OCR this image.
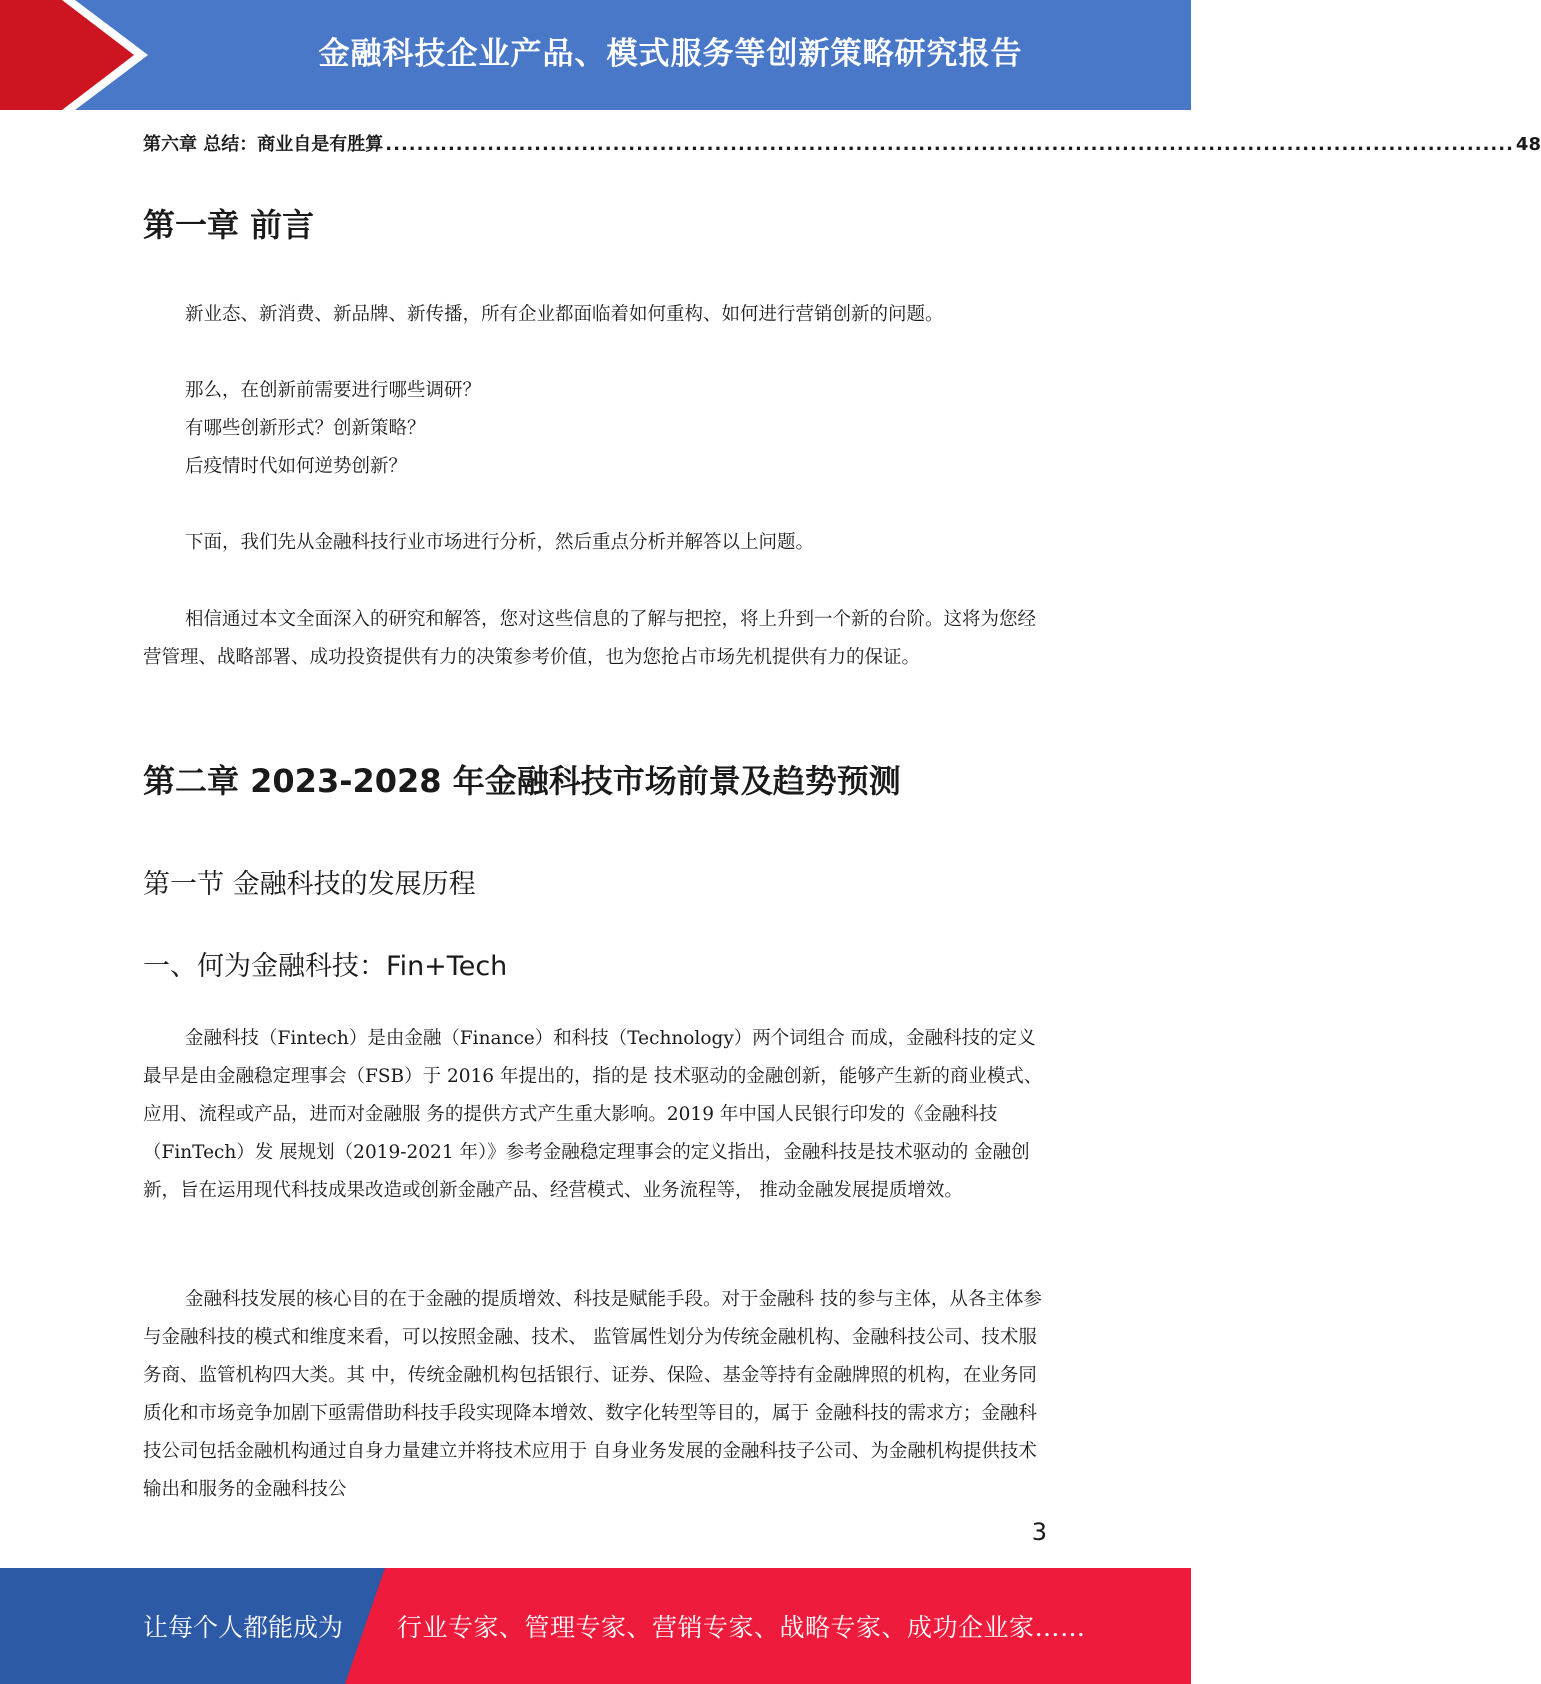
金融科技企业产品、模式服务等创新策略研究报告
第六章 总结：商业自是有胜算 ................................................................................................................................................ 48
第一章 前言

新业态、新消费、新品牌、新传播，所有企业都面临着如何重构、如何进行营销创新的问题。

那么，在创新前需要进行哪些调研？

有哪些创新形式？创新策略？

后疫情时代如何逆势创新？

下面，我们先从金融科技行业市场进行分析，然后重点分析并解答以上问题。

相信通过本文全面深入的研究和解答，您对这些信息的了解与把控，将上升到一个新的台阶。这将为您经营管理、战略部署、成功投资提供有力的决策参考价值，也为您抢占市场先机提供有力的保证。

第二章 2023-2028 年金融科技市场前景及趋势预测
第一节 金融科技的发展历程
一、何为金融科技：Fin+Tech

金融科技（Fintech）是由金融（Finance）和科技（Technology）两个词组合 而成，金融科技的定义最早是由金融稳定理事会（FSB）于 2016 年提出的，指的是 技术驱动的金融创新，能够产生新的商业模式、应用、流程或产品，进而对金融服 务的提供方式产生重大影响。2019 年中国人民银行印发的《金融科技（FinTech）发 展规划（2019-2021 年）》参考金融稳定理事会的定义指出，金融科技是技术驱动的 金融创新，旨在运用现代科技成果改造或创新金融产品、经营模式、业务流程等， 推动金融发展提质增效。

金融科技发展的核心目的在于金融的提质增效、科技是赋能手段。对于金融科 技的参与主体，从各主体参与金融科技的模式和维度来看，可以按照金融、技术、 监管属性划分为传统金融机构、金融科技公司、技术服务商、监管机构四大类。其 中，传统金融机构包括银行、证券、保险、基金等持有金融牌照的机构，在业务同 质化和市场竞争加剧下亟需借助科技手段实现降本增效、数字化转型等目的，属于 金融科技的需求方；金融科技公司包括金融机构通过自身力量建立并将技术应用于 自身业务发展的金融科技子公司、为金融机构提供技术输出和服务的金融科技公

3
让每个人都能成为 行业专家、管理专家、营销专家、战略专家、成功企业家……
